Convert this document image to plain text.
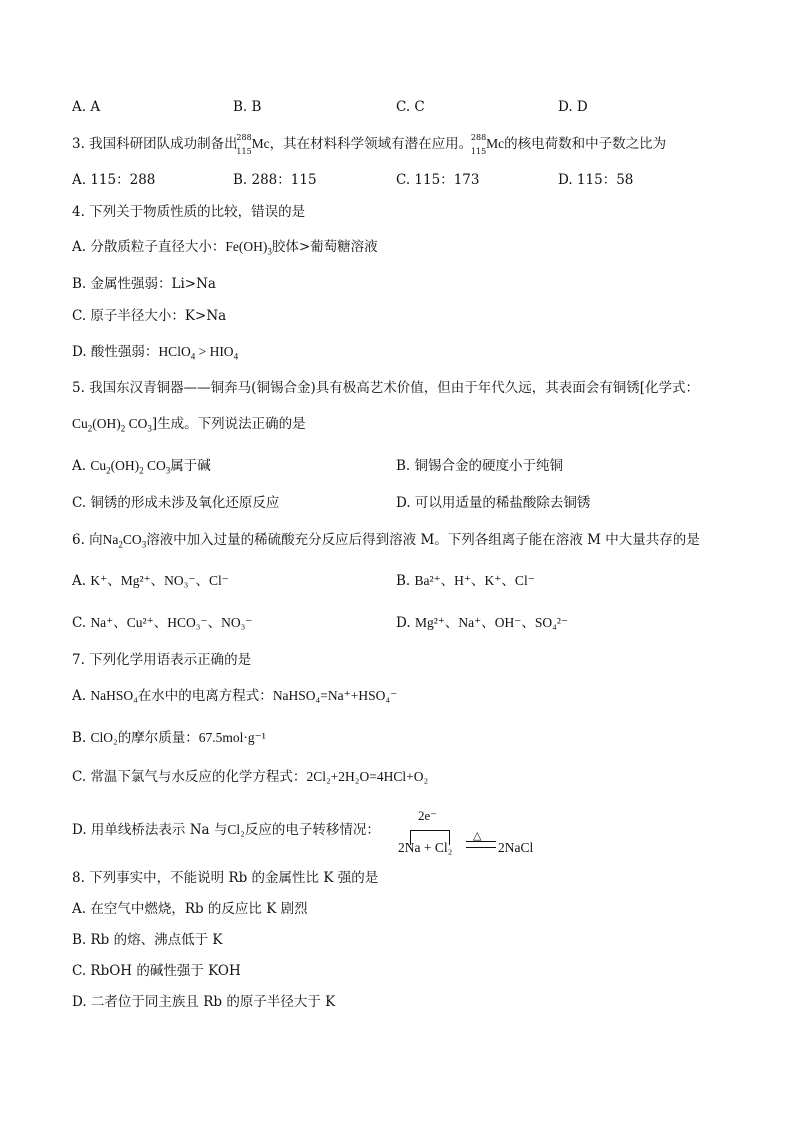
A. A	B. B	C. C	D. D
3. 我国科研团队成功制备出
288
115 Mc，其在材料科学领域有潜在应用。
288
115 Mc的核电荷数和中子数之比为
A. 115：288	B. 288：115	C. 115：173	D. 115：58
4. 下列关于物质性质的比较，错误的是
A. 分散质粒子直径大小：$Fe(OH)_3$胶体>葡萄糖溶液
B. 金属性强弱：Li>Na
C. 原子半径大小：K>Na
D. 酸性强弱：HClO$_4$ > $HIO_4$
5. 我国东汉青铜器——铜奔马(铜锡合金)具有极高艺术价值，但由于年代久远，其表面会有铜锈[化学式：
$Cu_2(OH)_2$ $CO_3$]生成。下列说法正确的是
A. $Cu_2(OH)_2$ $CO_3$属于碱	B. 铜锡合金的硬度小于纯铜
C. 铜锈的形成未涉及氧化还原反应	D. 可以用适量的稀盐酸除去铜锈
6. 向$Na_2CO_3$溶液中加入过量的稀硫酸充分反应后得到溶液 M。下列各组离子能在溶液 M 中大量共存的是
A. K⁺、Mg²⁺、NO₃⁻、Cl⁻	B. Ba²⁺、H⁺、K⁺、Cl⁻
C. Na⁺、Cu²⁺、HCO₃⁻、NO₃⁻	D. Mg²⁺、Na⁺、OH⁻、SO₄²⁻
7. 下列化学用语表示正确的是
A. NaHSO₄在水中的电离方程式：NaHSO₄=Na⁺+HSO₄⁻
B. ClO₂的摩尔质量：67.5mol·g⁻¹
C. 常温下氯气与水反应的化学方程式：2Cl₂+2H₂O=4HCl+O₂
D. 用单线桥法表示 Na 与Cl₂反应的电子转移情况：
2e⁻
△
2Na + Cl₂	2NaCl
8. 下列事实中，不能说明 Rb 的金属性比 K 强的是
A. 在空气中燃烧，Rb 的反应比 K 剧烈
B. Rb 的熔、沸点低于 K
C. RbOH 的碱性强于 KOH
D. 二者位于同主族且 Rb 的原子半径大于 K
